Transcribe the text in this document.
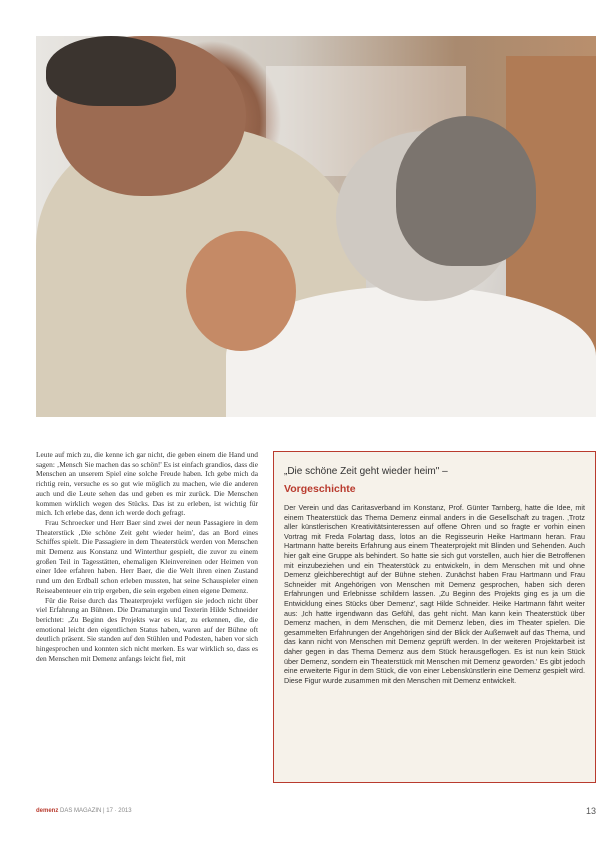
Leute auf mich zu, die kenne ich gar nicht, die geben einem die Hand und sagen: ‚Mensch Sie machen das so schön!' Es ist einfach grandios, dass die Menschen an unserem Spiel eine solche Freude haben. Ich gebe mich da richtig rein, versuche es so gut wie möglich zu machen, wie die anderen auch und die Leute sehen das und geben es mir zurück. Die Menschen kommen wirklich wegen des Stücks. Das ist zu erleben, ist wichtig für mich. Ich erlebe das, denn ich werde doch gefragt.

Frau Schroecker und Herr Baer sind zwei der neun Passagiere in dem Theaterstück ‚Die schöne Zeit geht wieder heim', das an Bord eines Schiffes spielt. Die Passagiere in dem Theaterstück werden von Menschen mit Demenz aus Konstanz und Winterthur gespielt, die zuvor zu einem großen Teil in Tagesstätten, ehemaligen Kleinvereinen oder Heimen von einer Idee erfahren haben. Herr Baer, die die Welt ihren einen Zustand rund um den Erdball schon erleben mussten, hat seine Schauspieler einen Reiseabenteuer ein trip ergeben, die sein ergeben einen eigene Demenz.

Für die Reise durch das Theaterprojekt verfügen sie jedoch nicht über viel Erfahrung an Bühnen. Die Dramaturgin und Texterin Hilde Schneider berichtet: ‚Zu Beginn des Projekts war es klar, zu erkennen, die, die emotional leicht den eigentlichen Status haben, waren auf der Bühne oft deutlich präsent. Sie standen auf den Stühlen und Podesten, haben vor sich hingesprochen und konnten sich nicht merken. Es war wirklich so, dass es den Menschen mit Demenz anfangs leicht fiel, mit

„Die schöne Zeit geht wieder heim" –
Vorgeschichte

Der Verein und das Caritasverband im Konstanz, Prof. Günter Tarnberg, hatte die Idee, mit einem Theaterstück das Thema Demenz einmal anders in die Gesellschaft zu tragen. ‚Trotz aller künstlerischen Kreativitätsinteressen auf offene Ohren und so fragte er vorhin einen Vortrag mit Freda Folartag dass, lotos an die Regisseurin Heike Hartmann heran. Frau Hartmann hatte bereits Erfahrung aus einem Theaterprojekt mit Blinden und Sehenden. Auch hier galt eine Gruppe als behindert. So hatte sie sich gut vorstellen, auch hier die Betroffenen mit einzubeziehen und ein Theaterstück zu entwickeln, in dem Menschen mit und ohne Demenz gleichberechtigt auf der Bühne stehen. Zunächst haben Frau Hartmann und Frau Schneider mit Angehörigen von Menschen mit Demenz gesprochen, haben sich deren Erfahrungen und Erlebnisse schildern lassen. ‚Zu Beginn des Projekts ging es ja um die Entwicklung eines Stücks über Demenz', sagt Hilde Schneider. Heike Hartmann fährt weiter aus: ‚Ich hatte irgendwann das Gefühl, das geht nicht. Man kann kein Theaterstück über Demenz machen, in dem Menschen, die mit Demenz leben, dies im Theater spielen. Die gesammelten Erfahrungen der Angehörigen sind der Blick der Außenwelt auf das Thema, und das kann nicht von Menschen mit Demenz geprüft werden. In der weiteren Projektarbeit ist daher gegen in das Thema Demenz aus dem Stück herausgeflogen. Es ist nun kein Stück über Demenz, sondern ein Theaterstück mit Menschen mit Demenz geworden.' Es gibt jedoch eine erweiterte Figur in dem Stück, die von einer Lebenskünstlerin eine Demenz gespielt wird. Diese Figur wurde zusammen mit den Menschen mit Demenz entwickelt.

demenz DAS MAGAZIN | 17 · 2013	13
